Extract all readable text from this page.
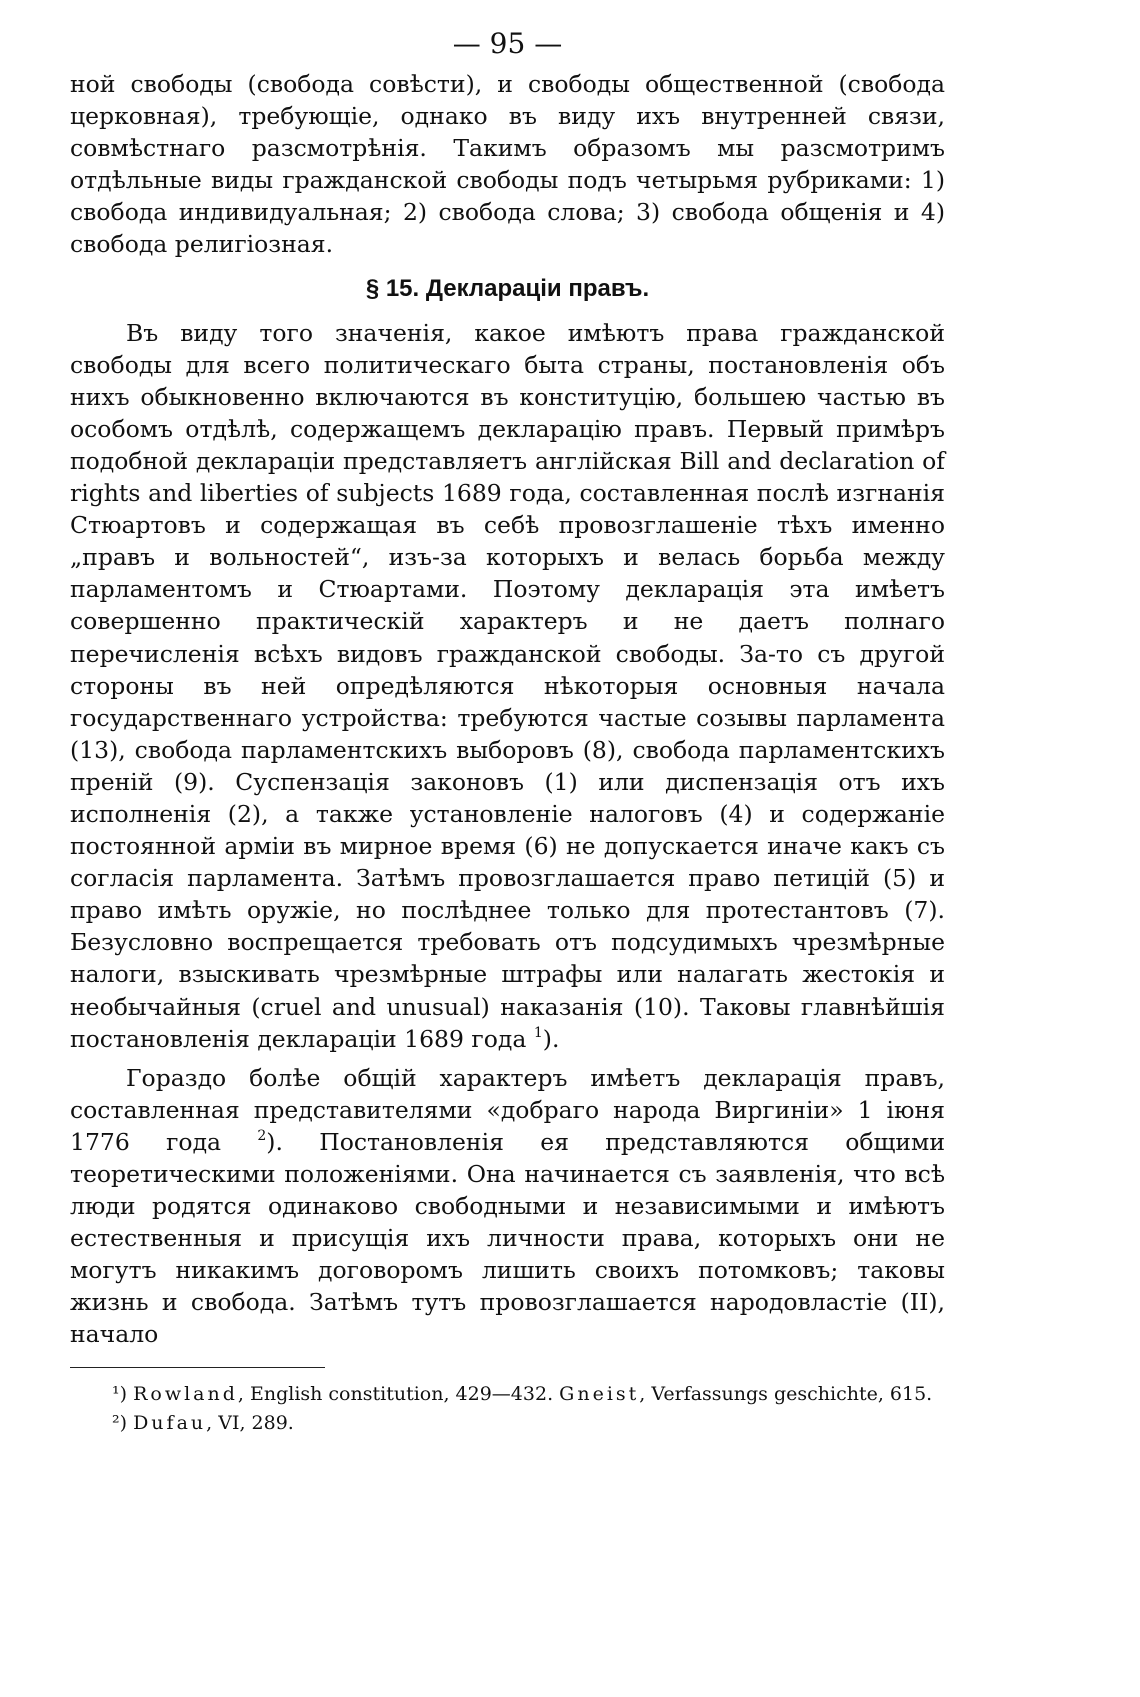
— 95 —

ной свободы (свобода совѣсти), и свободы общественной (свобода церковная), требующіе, однако въ виду ихъ внутренней связи, совмѣстнаго разсмотрѣнія. Такимъ образомъ мы разсмотримъ отдѣльные виды гражданской свободы подъ четырьмя рубриками: 1) свобода индивидуальная; 2) свобода слова; 3) свобода общенія и 4) свобода религіозная.

§ 15. Декларацiи правъ.

Въ виду того значенія, какое имѣютъ права гражданской свободы для всего политическаго быта страны, постановленія объ нихъ обыкновенно включаются въ конституцію, большею частью въ особомъ отдѣлѣ, содержащемъ декларацію правъ. Первый примѣръ подобной декларацiи представляетъ англійская Bill and declaration of rights and liberties of subjects 1689 года, составленная послѣ изгнанія Стюартовъ и содержащая въ себѣ провозглашеніе тѣхъ именно „правъ и вольностей“, изъ-за которыхъ и велась борьба между парламентомъ и Стюартами. Поэтому декларація эта имѣетъ совершенно практическій характеръ и не даетъ полнаго перечисленія всѣхъ видовъ гражданской свободы. За-то съ другой стороны въ ней опредѣляются нѣкоторыя основныя начала государственнаго устройства: требуются частые созывы парламента (13), свобода парламентскихъ выборовъ (8), свобода парламентскихъ преній (9). Суспензація законовъ (1) или диспензація отъ ихъ исполненія (2), а также установленіе налоговъ (4) и содержаніе постоянной арміи въ мирное время (6) не допускается иначе какъ съ согласія парламента. Затѣмъ провозглашается право петицій (5) и право имѣть оружіе, но послѣднее только для протестантовъ (7). Безусловно воспрещается требовать отъ подсудимыхъ чрезмѣрные налоги, взыскивать чрезмѣрные штрафы или налагать жестокія и необычайныя (cruel and unusual) наказанія (10). Таковы главнѣйшія постановленія декларацiи 1689 года $^1$).

Гораздо болѣе общій характеръ имѣетъ декларація правъ, составленная представителями «добраго народа Виргиніи» 1 іюня 1776 года	$^2$). Постановленія ея представляются общими теоретическими положеніями. Она начинается съ заявленія, что всѣ люди родятся одинаково свободными и независимыми и имѣютъ естественныя и присущія ихъ личности права, которыхъ они не могутъ никакимъ договоромъ лишить своихъ потомковъ; таковы жизнь и свобода. Затѣмъ тутъ провозглашается народовластіе (II), начало

¹) Rowland, English constitution, 429—432. Gneist, Verfassungs geschichte, 615.

²) Dufau, VI, 289.
